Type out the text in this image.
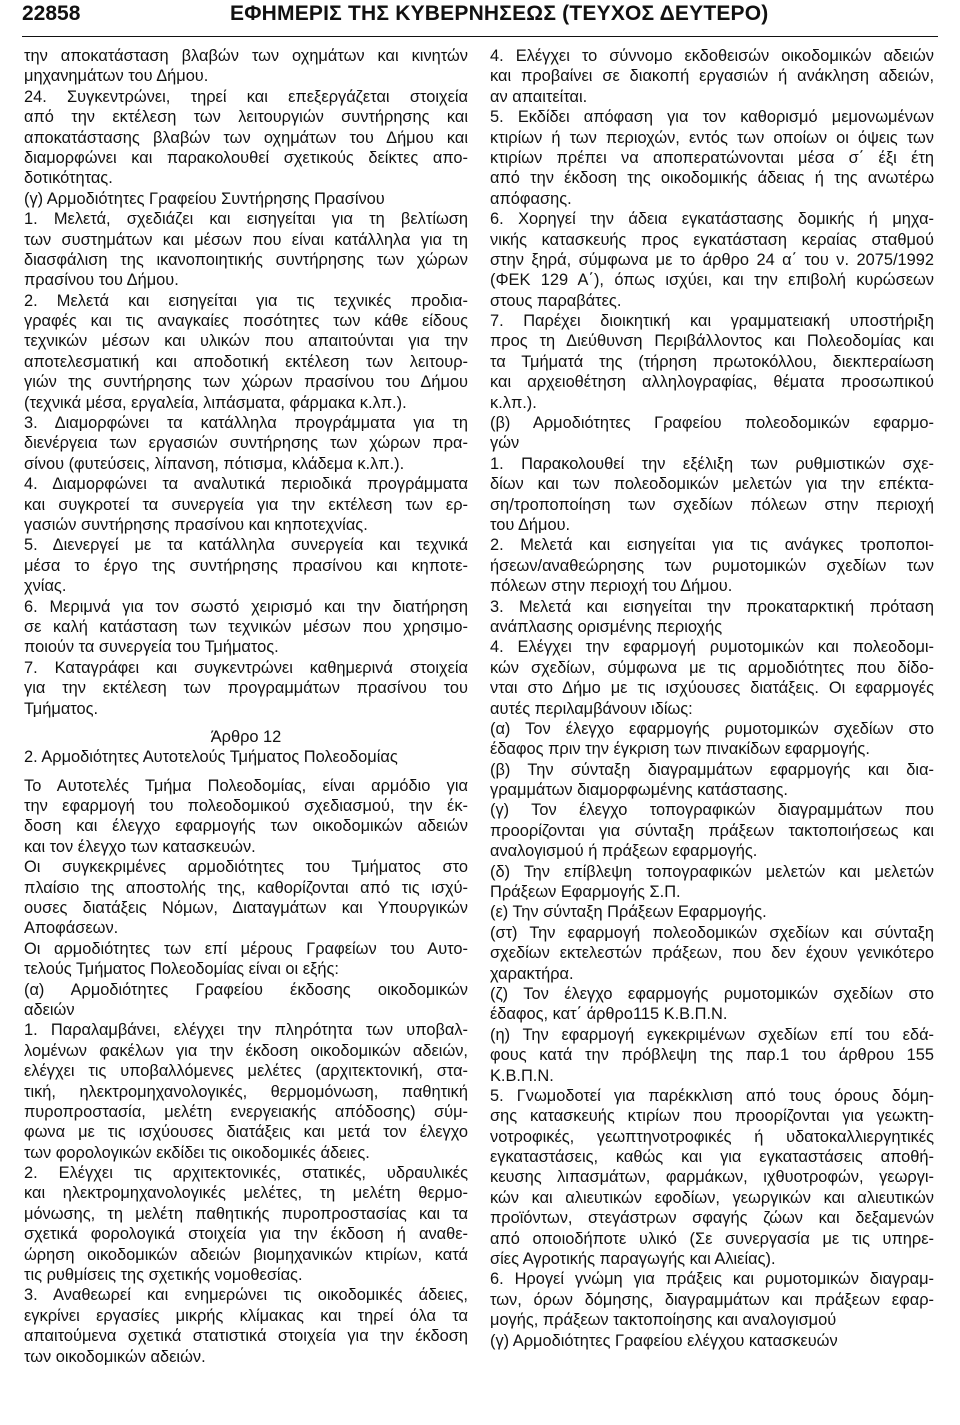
22858	ΕΦΗΜΕΡΙΣ ΤΗΣ ΚΥΒΕΡΝΗΣΕΩΣ (ΤΕΥΧΟΣ ΔΕΥΤΕΡΟ)
την αποκατάσταση βλαβών των οχημάτων και κινητών
μηχανημάτων του Δήμου.
24. Συγκεντρώνει, τηρεί και επεξεργάζεται στοιχεία
από την εκτέλεση των λειτουργιών συντήρησης και
αποκατάστασης βλαβών των οχημάτων του Δήμου και
διαμορφώνει και παρακολουθεί σχετικούς δείκτες απο-
δοτικότητας.
(γ) Αρμοδιότητες Γραφείου Συντήρησης Πρασίνου
1. Μελετά, σχεδιάζει και εισηγείται για τη βελτίωση
των συστημάτων και μέσων που είναι κατάλληλα για τη
διασφάλιση της ικανοποιητικής συντήρησης των χώρων
πρασίνου του Δήμου.
2. Μελετά και εισηγείται για τις τεχνικές προδια-
γραφές και τις αναγκαίες ποσότητες των κάθε είδους
τεχνικών μέσων και υλικών που απαιτούνται για την
αποτελεσματική και αποδοτική εκτέλεση των λειτουρ-
γιών της συντήρησης των χώρων πρασίνου του Δήμου
(τεχνικά μέσα, εργαλεία, λιπάσματα, φάρμακα κ.λπ.).
3. Διαμορφώνει τα κατάλληλα προγράμματα για τη
διενέργεια των εργασιών συντήρησης των χώρων πρα-
σίνου (φυτεύσεις, λίπανση, πότισμα, κλάδεμα κ.λπ.).
4. Διαμορφώνει τα αναλυτικά περιοδικά προγράμματα
και συγκροτεί τα συνεργεία για την εκτέλεση των ερ-
γασιών συντήρησης πρασίνου και κηποτεχνίας.
5. Διενεργεί με τα κατάλληλα συνεργεία και τεχνικά
μέσα το έργο της συντήρησης πρασίνου και κηποτε-
χνίας.
6. Μεριμνά για τον σωστό χειρισμό και την διατήρηση
σε καλή κατάσταση των τεχνικών μέσων που χρησιμο-
ποιούν τα συνεργεία του Τμήματος.
7. Καταγράφει και συγκεντρώνει καθημερινά στοιχεία
για την εκτέλεση των προγραμμάτων πρασίνου του
Τμήματος.
Άρθρο 12
2. Αρμοδιότητες Αυτοτελούς Τμήματος Πολεοδομίας
Το Αυτοτελές Τμήμα Πολεοδομίας, είναι αρμόδιο για
την εφαρμογή του πολεοδομικού σχεδιασμού, την έκ-
δοση και έλεγχο εφαρμογής των οικοδομικών αδειών
και τον έλεγχο των κατασκευών.
Οι συγκεκριμένες αρμοδιότητες του Τμήματος στο
πλαίσιο της αποστολής της, καθορίζονται από τις ισχύ-
ουσες διατάξεις Νόμων, Διαταγμάτων και Υπουργικών
Αποφάσεων.
Οι αρμοδιότητες των επί μέρους Γραφείων του Αυτο-
τελούς Τμήματος Πολεοδομίας είναι οι εξής:
(α) Αρμοδιότητες Γραφείου έκδοσης οικοδομικών
αδειών
1. Παραλαμβάνει, ελέγχει την πληρότητα των υποβαλ-
λομένων φακέλων για την έκδοση οικοδομικών αδειών,
ελέγχει τις υποβαλλόμενες μελέτες (αρχιτεκτονική, στα-
τική, ηλεκτρομηχανολογικές, θερμομόνωση, παθητική
πυροπροστασία, μελέτη ενεργειακής απόδοσης) σύμ-
φωνα με τις ισχύουσες διατάξεις και μετά τον έλεγχο
των φορολογικών εκδίδει τις οικοδομικές άδειες.
2. Ελέγχει τις αρχιτεκτονικές, στατικές, υδραυλικές
και ηλεκτρομηχανολογικές μελέτες, τη μελέτη θερμο-
μόνωσης, τη μελέτη παθητικής πυροπροστασίας και τα
σχετικά φορολογικά στοιχεία για την έκδοση ή αναθε-
ώρηση οικοδομικών αδειών βιομηχανικών κτιρίων, κατά
τις ρυθμίσεις της σχετικής νομοθεσίας.
3. Αναθεωρεί και ενημερώνει τις οικοδομικές άδειες,
εγκρίνει εργασίες μικρής κλίμακας και τηρεί όλα τα
απαιτούμενα σχετικά στατιστικά στοιχεία για την έκδοση
των οικοδομικών αδειών.
4. Ελέγχει το σύννομο εκδοθεισών οικοδομικών αδειών
και προβαίνει σε διακοπή εργασιών ή ανάκληση αδειών,
αν απαιτείται.
5. Εκδίδει απόφαση για τον καθορισμό μεμονωμένων
κτιρίων ή των περιοχών, εντός των οποίων οι όψεις των
κτιρίων πρέπει να αποπερατώνονται μέσα σ΄ έξι έτη
από την έκδοση της οικοδομικής άδειας ή της ανωτέρω
απόφασης.
6. Χορηγεί την άδεια εγκατάστασης δομικής ή μηχα-
νικής κατασκευής προς εγκατάσταση κεραίας σταθμού
στην ξηρά, σύμφωνα με το άρθρο 24 α΄ του ν. 2075/1992
(ΦΕΚ 129 Α΄), όπως ισχύει, και την επιβολή κυρώσεων
στους παραβάτες.
7. Παρέχει διοικητική και γραμματειακή υποστήριξη
προς τη Διεύθυνση Περιβάλλοντος και Πολεοδομίας και
τα Τμήματά της (τήρηση πρωτοκόλλου, διεκπεραίωση
και αρχειοθέτηση αλληλογραφίας, θέματα προσωπικού
κ.λπ.).
(β) Αρμοδιότητες Γραφείου πολεοδομικών εφαρμο-
γών
1. Παρακολουθεί την εξέλιξη των ρυθμιστικών σχε-
δίων και των πολεοδομικών μελετών για την επέκτα-
ση/τροποποίηση των σχεδίων πόλεων στην περιοχή
του Δήμου.
2. Μελετά και εισηγείται για τις ανάγκες τροποποι-
ήσεων/αναθεώρησης των ρυμοτομικών σχεδίων των
πόλεων στην περιοχή του Δήμου.
3. Μελετά και εισηγείται την προκαταρκτική πρόταση
ανάπλασης ορισμένης περιοχής
4. Ελέγχει την εφαρμογή ρυμοτομικών και πολεοδομι-
κών σχεδίων, σύμφωνα με τις αρμοδιότητες που δίδο-
νται στο Δήμο με τις ισχύουσες διατάξεις. Οι εφαρμογές
αυτές περιλαμβάνουν ιδίως:
(α) Τον έλεγχο εφαρμογής ρυμοτομικών σχεδίων στο
έδαφος πριν την έγκριση των πινακίδων εφαρμογής.
(β) Την σύνταξη διαγραμμάτων εφαρμογής και δια-
γραμμάτων διαμορφωμένης κατάστασης.
(γ) Τον έλεγχο τοπογραφικών διαγραμμάτων που
προορίζονται για σύνταξη πράξεων τακτοποιήσεως και
αναλογισμού ή πράξεων εφαρμογής.
(δ) Την επίβλεψη τοπογραφικών μελετών και μελετών
Πράξεων Εφαρμογής Σ.Π.
(ε) Την σύνταξη Πράξεων Εφαρμογής.
(στ) Την εφαρμογή πολεοδομικών σχεδίων και σύνταξη
σχεδίων εκτελεστών πράξεων, που δεν έχουν γενικότερο
χαρακτήρα.
(ζ) Τον έλεγχο εφαρμογής ρυμοτομικών σχεδίων στο
έδαφος, κατ΄ άρθρο115 Κ.Β.Π.Ν.
(η) Την εφαρμογή εγκεκριμένων σχεδίων επί του εδά-
φους κατά την πρόβλεψη της παρ.1 του άρθρου 155
Κ.Β.Π.Ν.
5. Γνωμοδοτεί για παρέκκλιση από τους όρους δόμη-
σης κατασκευής κτιρίων που προορίζονται για γεωκτη-
νοτροφικές, γεωπτηνοτροφικές ή υδατοκαλλιεργητικές
εγκαταστάσεις, καθώς και για εγκαταστάσεις αποθή-
κευσης λιπασμάτων, φαρμάκων, ιχθυοτροφών, γεωργι-
κών και αλιευτικών εφοδίων, γεωργικών και αλιευτικών
προϊόντων, στεγάστρων σφαγής ζώων και δεξαμενών
από οποιοδήποτε υλικό (Σε συνεργασία με τις υπηρε-
σίες Αγροτικής παραγωγής και Αλιείας).
6. Ηρογεί γνώμη για πράξεις και ρυμοτομικών διαγραμ-
των, όρων δόμησης, διαγραμμάτων και πράξεων εφαρ-
μογής, πράξεων τακτοποίησης και αναλογισμού
(γ) Αρμοδιότητες Γραφείου ελέγχου κατασκευών
